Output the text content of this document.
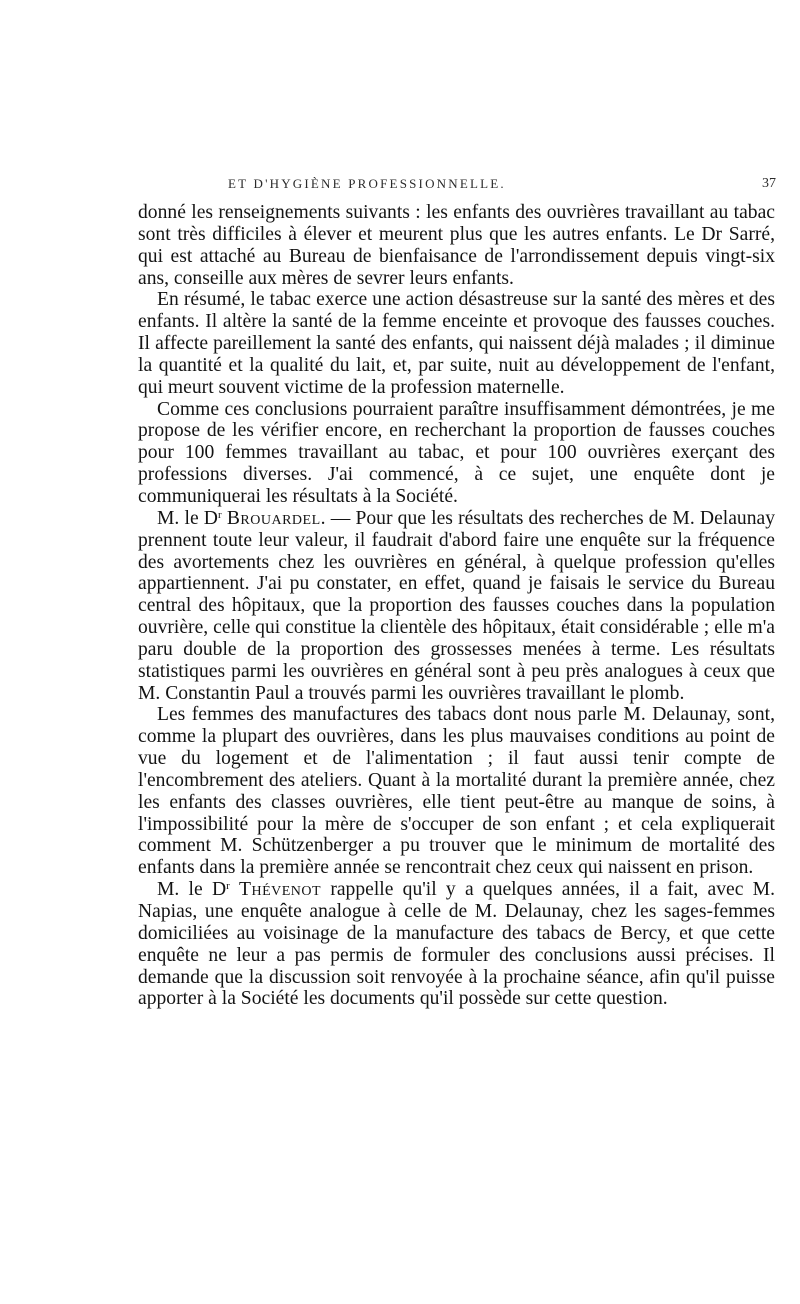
ET D'HYGIÈNE PROFESSIONNELLE.	37

donné les renseignements suivants : les enfants des ouvrières travaillant au tabac sont très difficiles à élever et meurent plus que les autres enfants. Le Dr Sarré, qui est attaché au Bureau de bienfaisance de l'arrondissement depuis vingt-six ans, conseille aux mères de sevrer leurs enfants.

En résumé, le tabac exerce une action désastreuse sur la santé des mères et des enfants. Il altère la santé de la femme enceinte et provoque des fausses couches. Il affecte pareillement la santé des enfants, qui naissent déjà malades ; il diminue la quantité et la qualité du lait, et, par suite, nuit au développement de l'enfant, qui meurt souvent victime de la profession maternelle.

Comme ces conclusions pourraient paraître insuffisamment démontrées, je me propose de les vérifier encore, en recherchant la proportion de fausses couches pour 100 femmes travaillant au tabac, et pour 100 ouvrières exerçant des professions diverses. J'ai commencé, à ce sujet, une enquête dont je communiquerai les résultats à la Société.

M. le $D^r$ Brouardel. — Pour que les résultats des recherches de M. Delaunay prennent toute leur valeur, il faudrait d'abord faire une enquête sur la fréquence des avortements chez les ouvrières en général, à quelque profession qu'elles appartiennent. J'ai pu constater, en effet, quand je faisais le service du Bureau central des hôpitaux, que la proportion des fausses couches dans la population ouvrière, celle qui constitue la clientèle des hôpitaux, était considérable ; elle m'a paru double de la proportion des grossesses menées à terme. Les résultats statistiques parmi les ouvrières en général sont à peu près analogues à ceux que M. Constantin Paul a trouvés parmi les ouvrières travaillant le plomb.

Les femmes des manufactures des tabacs dont nous parle M. Delaunay, sont, comme la plupart des ouvrières, dans les plus mauvaises conditions au point de vue du logement et de l'alimentation ; il faut aussi tenir compte de l'encombrement des ateliers. Quant à la mortalité durant la première année, chez les enfants des classes ouvrières, elle tient peut-être au manque de soins, à l'impossibilité pour la mère de s'occuper de son enfant ; et cela expliquerait comment M. Schützenberger a pu trouver que le minimum de mortalité des enfants dans la première année se rencontrait chez ceux qui naissent en prison.

M. le $D^r$ Thévenot rappelle qu'il y a quelques années, il a fait, avec M. Napias, une enquête analogue à celle de M. Delaunay, chez les sages-femmes domiciliées au voisinage de la manufacture des tabacs de Bercy, et que cette enquête ne leur a pas permis de formuler des conclusions aussi précises. Il demande que la discussion soit renvoyée à la prochaine séance, afin qu'il puisse apporter à la Société les documents qu'il possède sur cette question.
